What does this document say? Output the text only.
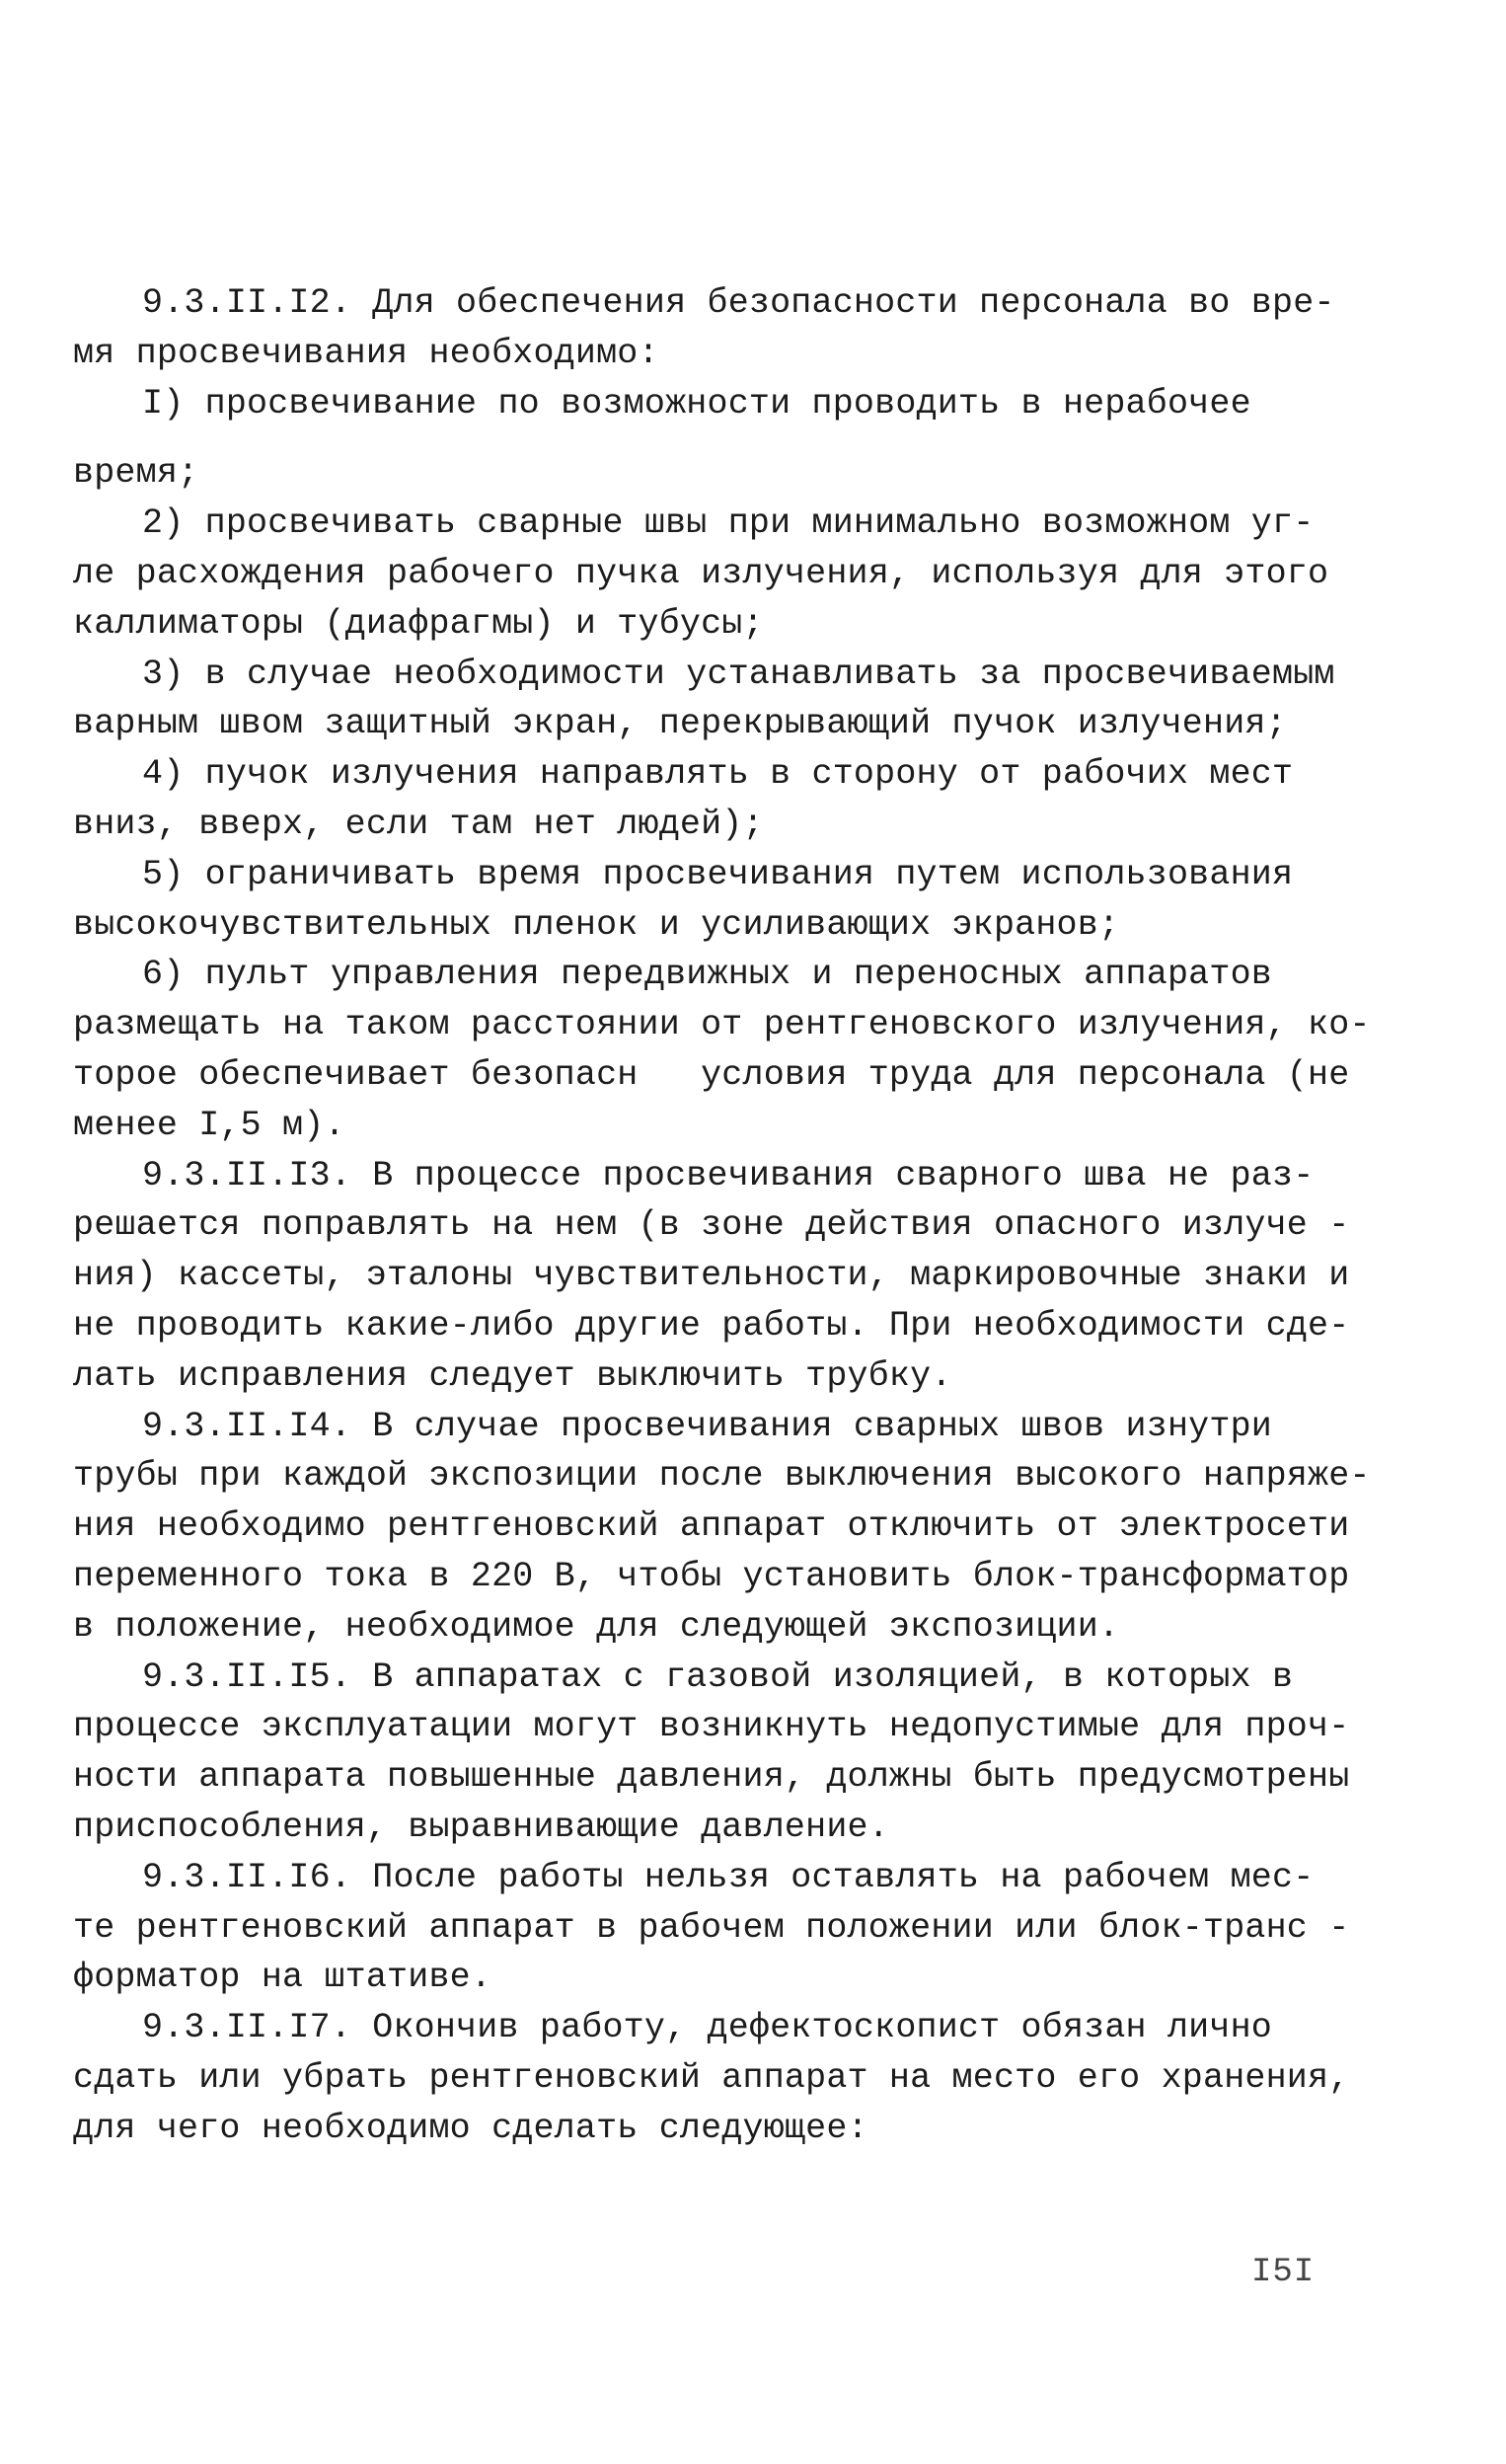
9.3.II.I2. Для обеспечения безопасности персонала во вре-
мя просвечивания необходимо:
I) просвечивание по возможности проводить в нерабочее
время;
2) просвечивать сварные швы при минимально возможном уг-
ле расхождения рабочего пучка излучения, используя для этого
каллиматоры (диафрагмы) и тубусы;
3) в случае необходимости устанавливать за просвечиваемым
варным швом защитный экран, перекрывающий пучок излучения;
4) пучок излучения направлять в сторону от рабочих мест
вниз, вверх, если там нет людей);
5) ограничивать время просвечивания путем использования
высокочувствительных пленок и усиливающих экранов;
6) пульт управления передвижных и переносных аппаратов
размещать на таком расстоянии от рентгеновского излучения, ко-
торое обеспечивает безопасн   условия труда для персонала (не
менее I,5 м).
9.3.II.I3. В процессе просвечивания сварного шва не раз-
решается поправлять на нем (в зоне действия опасного излуче -
ния) кассеты, эталоны чувствительности, маркировочные знаки и
не проводить какие-либо другие работы. При необходимости сде-
лать исправления следует выключить трубку.
9.3.II.I4. В случае просвечивания сварных швов изнутри
трубы при каждой экспозиции после выключения высокого напряже-
ния необходимо рентгеновский аппарат отключить от электросети
переменного тока в 220 В, чтобы установить блок-трансформатор
в положение, необходимое для следующей экспозиции.
9.3.II.I5. В аппаратах с газовой изоляцией, в которых в
процессе эксплуатации могут возникнуть недопустимые для проч-
ности аппарата повышенные давления, должны быть предусмотрены
приспособления, выравнивающие давление.
9.3.II.I6. После работы нельзя оставлять на рабочем мес-
те рентгеновский аппарат в рабочем положении или блок-транс -
форматор на штативе.
9.3.II.I7. Окончив работу, дефектоскопист обязан лично
сдать или убрать рентгеновский аппарат на место его хранения,
для чего необходимо сделать следующее:
I5I
